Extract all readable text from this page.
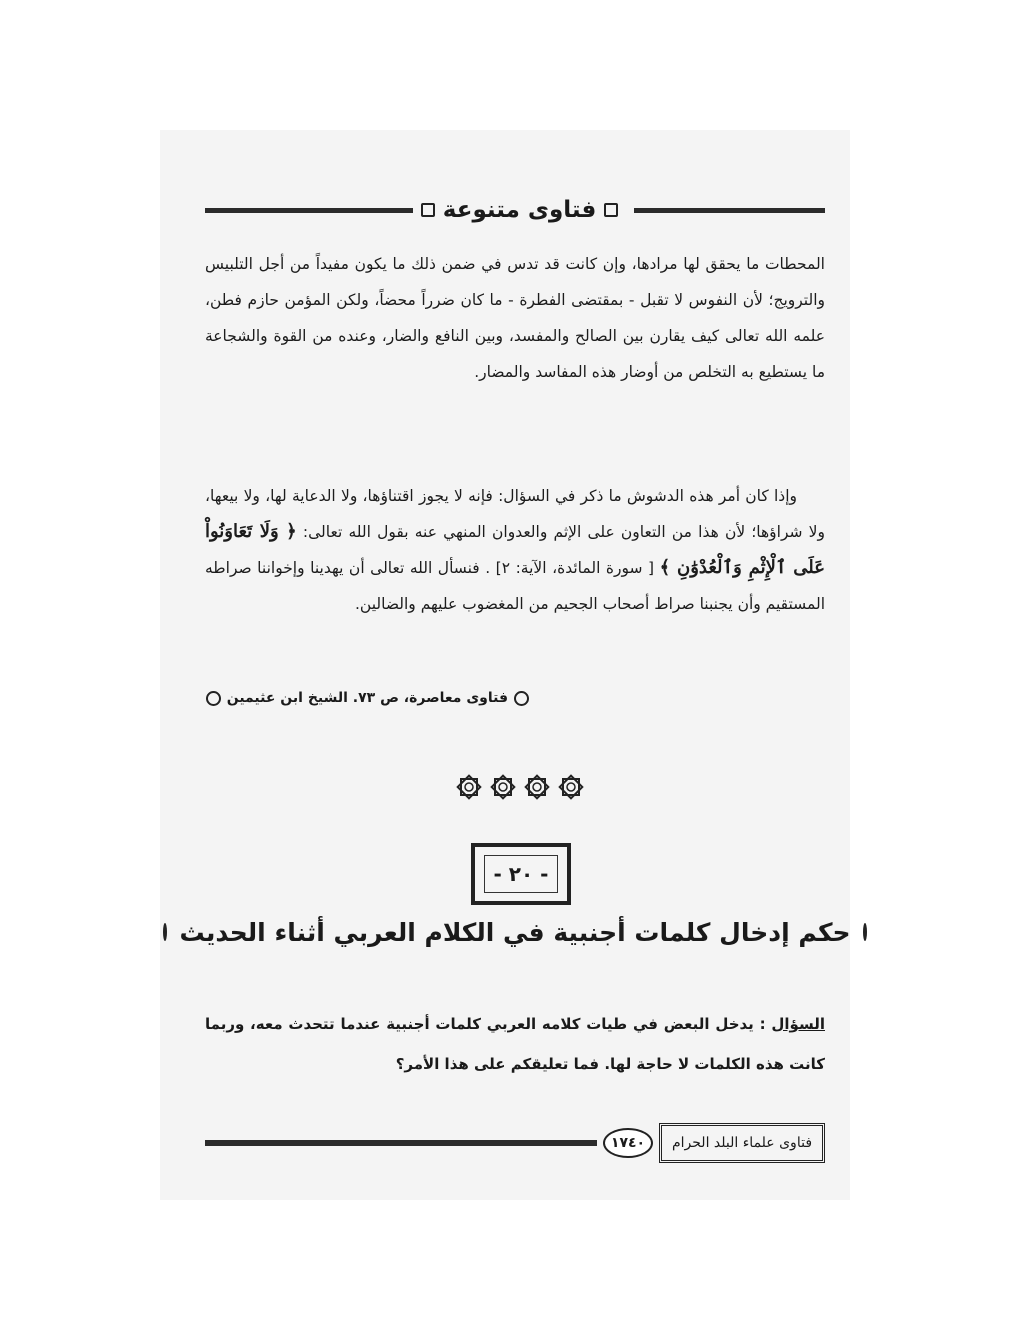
فتاوى متنوعة
المحطات ما يحقق لها مرادها، وإن كانت قد تدس في ضمن ذلك ما يكون مفيداً من أجل التلبيس والترويج؛ لأن النفوس لا تقبل - بمقتضى الفطرة - ما كان ضرراً محضاً، ولكن المؤمن حازم فطن، علمه الله تعالى كيف يقارن بين الصالح والمفسد، وبين النافع والضار، وعنده من القوة والشجاعة ما يستطيع به التخلص من أوضار هذه المفاسد والمضار.
وإذا كان أمر هذه الدشوش ما ذكر في السؤال: فإنه لا يجوز اقتناؤها، ولا الدعاية لها، ولا بيعها، ولا شراؤها؛ لأن هذا من التعاون على الإثم والعدوان المنهي عنه بقول الله تعالى: ﴿ وَلَا تَعَاوَنُواْ عَلَى ٱلْإِثْمِ وَٱلْعُدْوَٰنِ ﴾ [ سورة المائدة، الآية: ٢] . فنسأل الله تعالى أن يهدينا وإخواننا صراطه المستقيم وأن يجنبنا صراط أصحاب الجحيم من المغضوب عليهم والضالين.
فتاوى معاصرة، ص ٧٣. الشيخ ابن عثيمين
- ٢٠ -
حكم إدخال كلمات أجنبية في الكلام العربي أثناء الحديث
السؤال : يدخل البعض في طيات كلامه العربي كلمات أجنبية عندما تتحدث معه، وربما كانت هذه الكلمات لا حاجة لها. فما تعليقكم على هذا الأمر؟
١٧٤٠	فتاوى علماء البلد الحرام
